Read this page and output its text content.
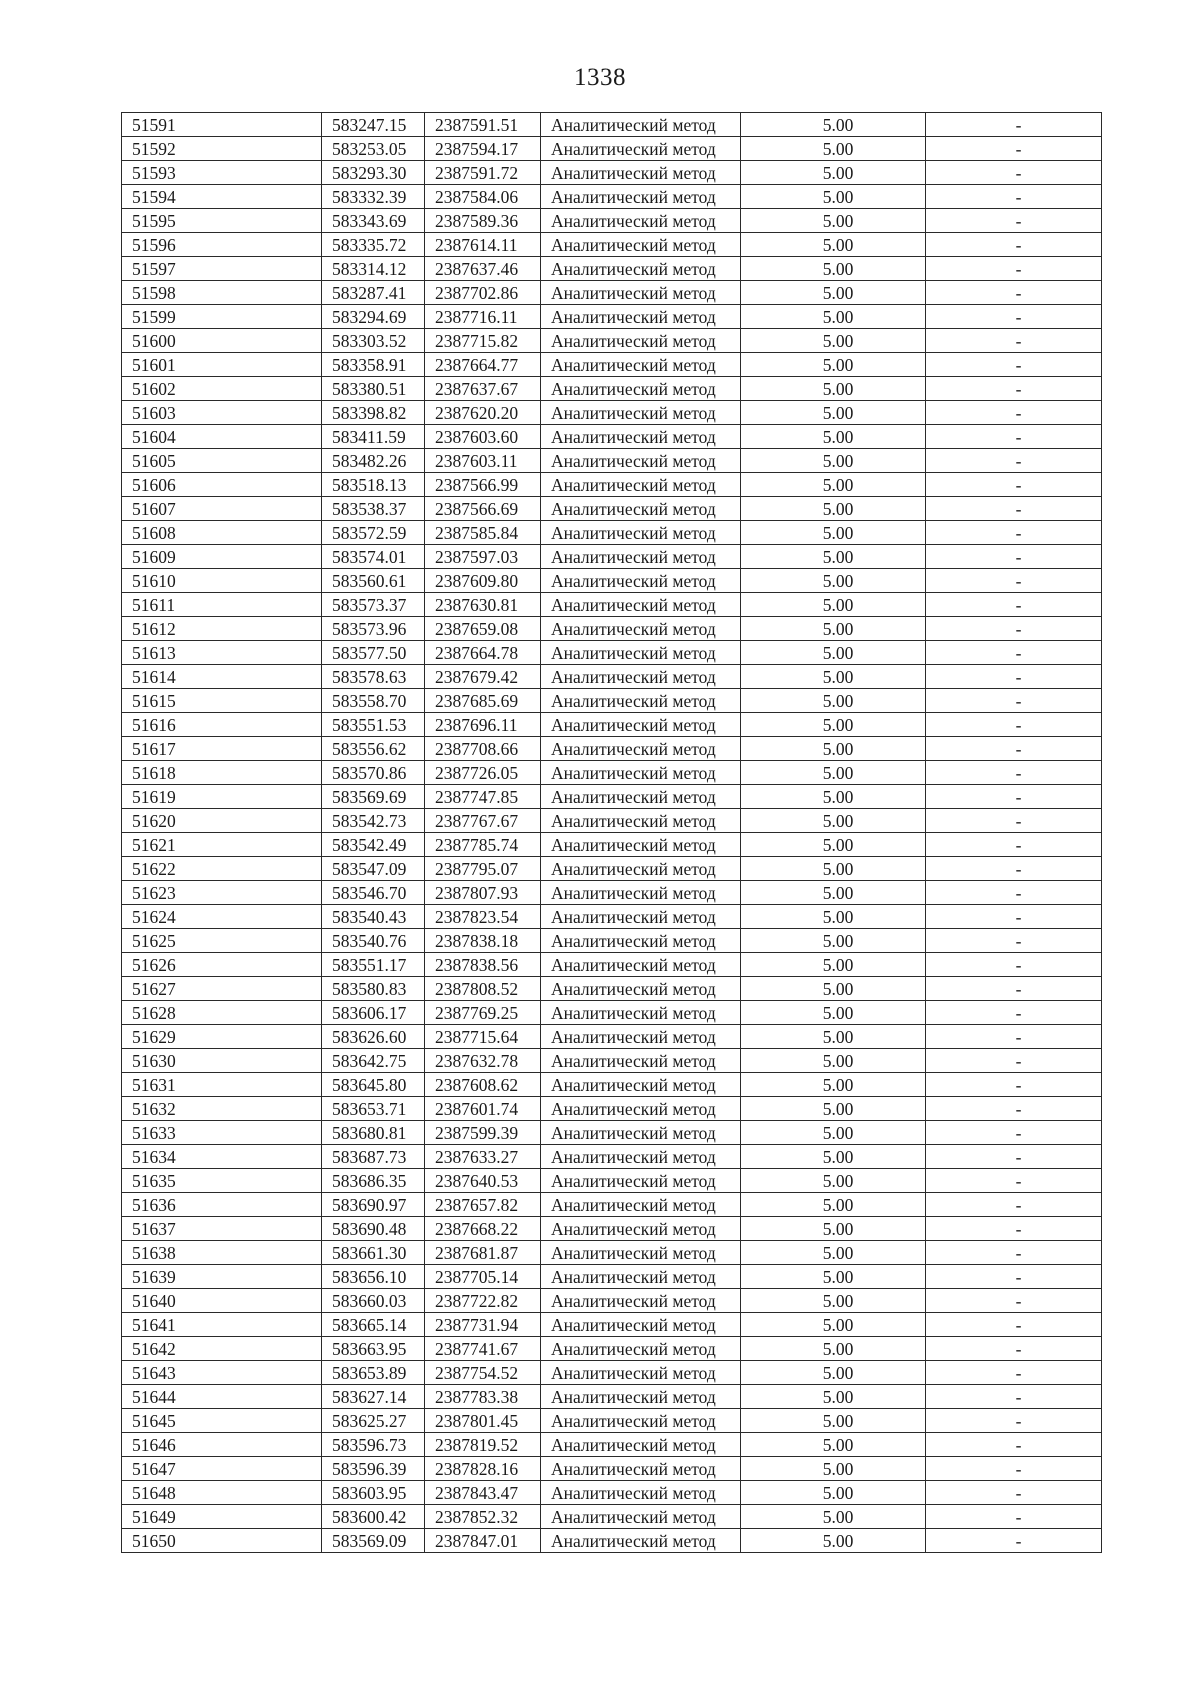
1338
51591	583247.15	2387591.51	Аналитический метод	5.00	-
51592	583253.05	2387594.17	Аналитический метод	5.00	-
51593	583293.30	2387591.72	Аналитический метод	5.00	-
51594	583332.39	2387584.06	Аналитический метод	5.00	-
51595	583343.69	2387589.36	Аналитический метод	5.00	-
51596	583335.72	2387614.11	Аналитический метод	5.00	-
51597	583314.12	2387637.46	Аналитический метод	5.00	-
51598	583287.41	2387702.86	Аналитический метод	5.00	-
51599	583294.69	2387716.11	Аналитический метод	5.00	-
51600	583303.52	2387715.82	Аналитический метод	5.00	-
51601	583358.91	2387664.77	Аналитический метод	5.00	-
51602	583380.51	2387637.67	Аналитический метод	5.00	-
51603	583398.82	2387620.20	Аналитический метод	5.00	-
51604	583411.59	2387603.60	Аналитический метод	5.00	-
51605	583482.26	2387603.11	Аналитический метод	5.00	-
51606	583518.13	2387566.99	Аналитический метод	5.00	-
51607	583538.37	2387566.69	Аналитический метод	5.00	-
51608	583572.59	2387585.84	Аналитический метод	5.00	-
51609	583574.01	2387597.03	Аналитический метод	5.00	-
51610	583560.61	2387609.80	Аналитический метод	5.00	-
51611	583573.37	2387630.81	Аналитический метод	5.00	-
51612	583573.96	2387659.08	Аналитический метод	5.00	-
51613	583577.50	2387664.78	Аналитический метод	5.00	-
51614	583578.63	2387679.42	Аналитический метод	5.00	-
51615	583558.70	2387685.69	Аналитический метод	5.00	-
51616	583551.53	2387696.11	Аналитический метод	5.00	-
51617	583556.62	2387708.66	Аналитический метод	5.00	-
51618	583570.86	2387726.05	Аналитический метод	5.00	-
51619	583569.69	2387747.85	Аналитический метод	5.00	-
51620	583542.73	2387767.67	Аналитический метод	5.00	-
51621	583542.49	2387785.74	Аналитический метод	5.00	-
51622	583547.09	2387795.07	Аналитический метод	5.00	-
51623	583546.70	2387807.93	Аналитический метод	5.00	-
51624	583540.43	2387823.54	Аналитический метод	5.00	-
51625	583540.76	2387838.18	Аналитический метод	5.00	-
51626	583551.17	2387838.56	Аналитический метод	5.00	-
51627	583580.83	2387808.52	Аналитический метод	5.00	-
51628	583606.17	2387769.25	Аналитический метод	5.00	-
51629	583626.60	2387715.64	Аналитический метод	5.00	-
51630	583642.75	2387632.78	Аналитический метод	5.00	-
51631	583645.80	2387608.62	Аналитический метод	5.00	-
51632	583653.71	2387601.74	Аналитический метод	5.00	-
51633	583680.81	2387599.39	Аналитический метод	5.00	-
51634	583687.73	2387633.27	Аналитический метод	5.00	-
51635	583686.35	2387640.53	Аналитический метод	5.00	-
51636	583690.97	2387657.82	Аналитический метод	5.00	-
51637	583690.48	2387668.22	Аналитический метод	5.00	-
51638	583661.30	2387681.87	Аналитический метод	5.00	-
51639	583656.10	2387705.14	Аналитический метод	5.00	-
51640	583660.03	2387722.82	Аналитический метод	5.00	-
51641	583665.14	2387731.94	Аналитический метод	5.00	-
51642	583663.95	2387741.67	Аналитический метод	5.00	-
51643	583653.89	2387754.52	Аналитический метод	5.00	-
51644	583627.14	2387783.38	Аналитический метод	5.00	-
51645	583625.27	2387801.45	Аналитический метод	5.00	-
51646	583596.73	2387819.52	Аналитический метод	5.00	-
51647	583596.39	2387828.16	Аналитический метод	5.00	-
51648	583603.95	2387843.47	Аналитический метод	5.00	-
51649	583600.42	2387852.32	Аналитический метод	5.00	-
51650	583569.09	2387847.01	Аналитический метод	5.00	-
